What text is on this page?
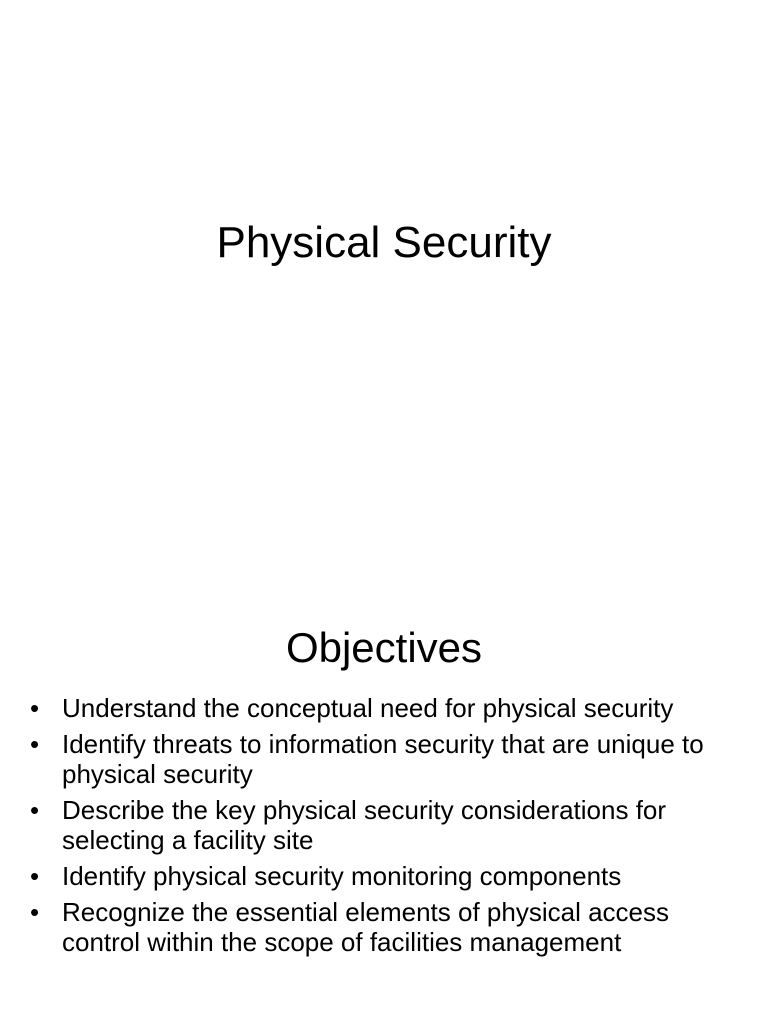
Physical Security
Objectives
• Understand the conceptual need for physical security
• Identify threats to information security that are unique to physical security
• Describe the key physical security considerations for selecting a facility site
• Identify physical security monitoring components
• Recognize the essential elements of physical access control within the scope of facilities management
